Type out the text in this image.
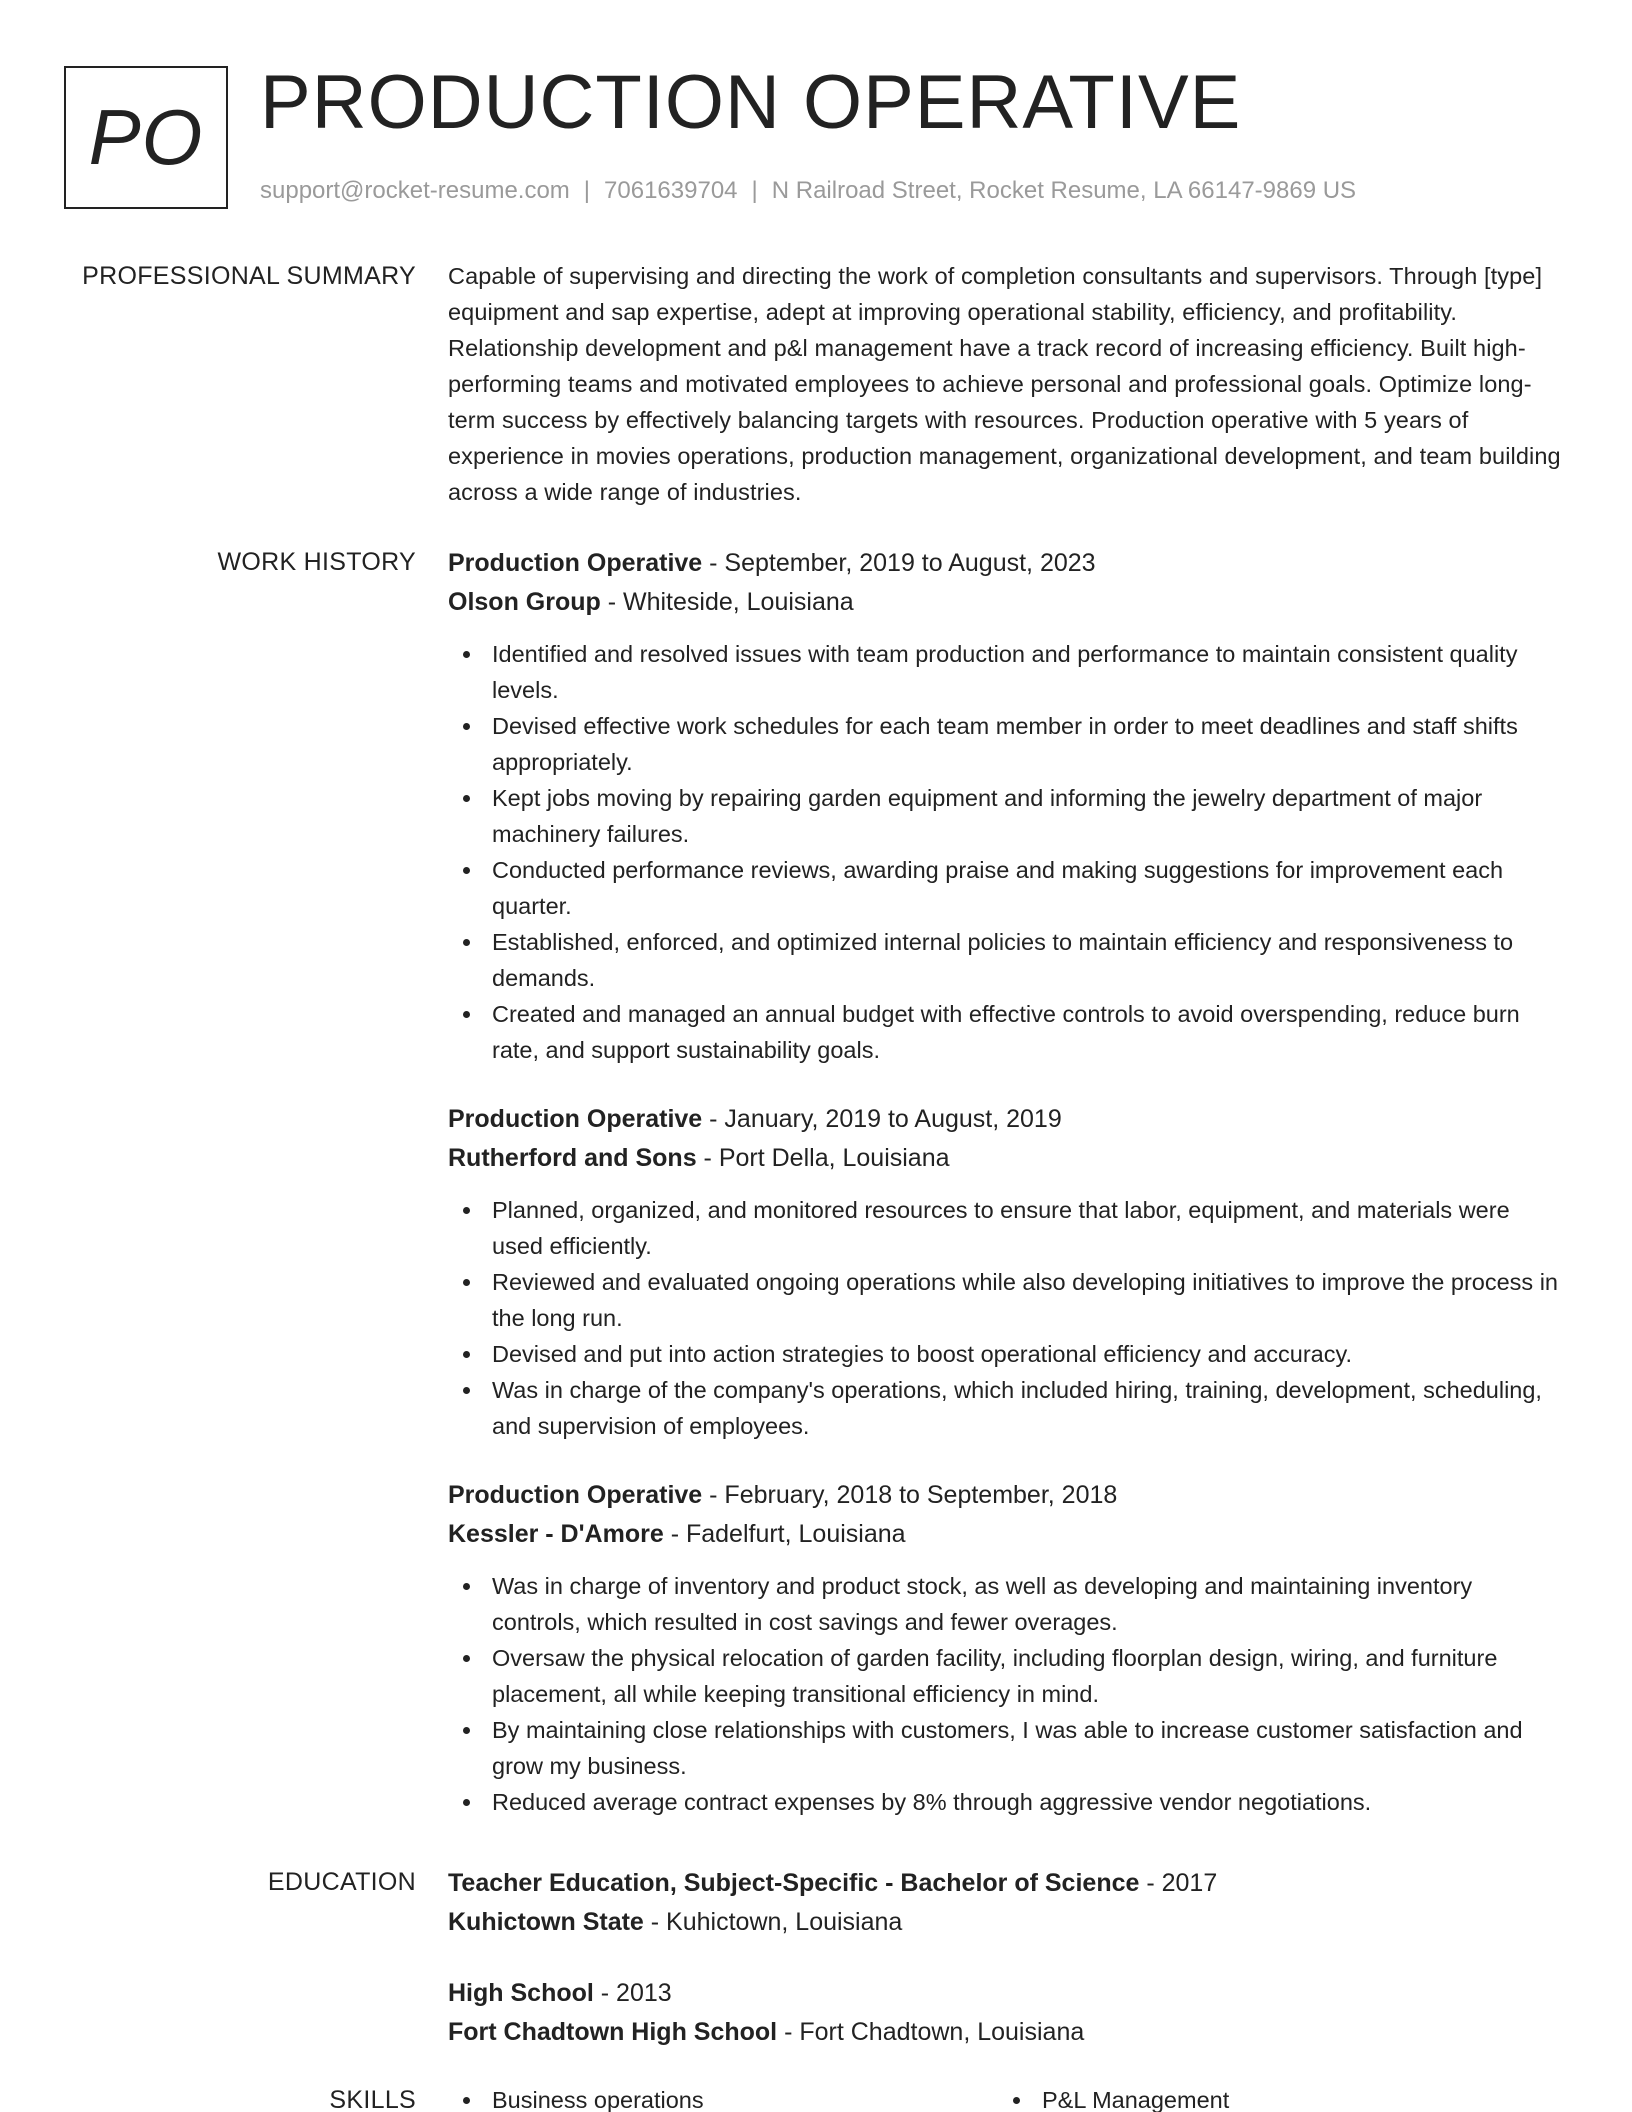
PO PRODUCTION OPERATIVE
support@rocket-resume.com | 7061639704 | N Railroad Street, Rocket Resume, LA 66147-9869 US
PROFESSIONAL SUMMARY Capable of supervising and directing the work of completion consultants and supervisors. Through [type] equipment and sap expertise, adept at improving operational stability, efficiency, and profitability. Relationship development and p&l management have a track record of increasing efficiency. Built high-performing teams and motivated employees to achieve personal and professional goals. Optimize long-term success by effectively balancing targets with resources. Production operative with 5 years of experience in movies operations, production management, organizational development, and team building across a wide range of industries.
WORK HISTORY Production Operative - September, 2019 to August, 2023
Olson Group - Whiteside, Louisiana
Identified and resolved issues with team production and performance to maintain consistent quality levels.
Devised effective work schedules for each team member in order to meet deadlines and staff shifts appropriately.
Kept jobs moving by repairing garden equipment and informing the jewelry department of major machinery failures.
Conducted performance reviews, awarding praise and making suggestions for improvement each quarter.
Established, enforced, and optimized internal policies to maintain efficiency and responsiveness to demands.
Created and managed an annual budget with effective controls to avoid overspending, reduce burn rate, and support sustainability goals.
Production Operative - January, 2019 to August, 2019
Rutherford and Sons - Port Della, Louisiana
Planned, organized, and monitored resources to ensure that labor, equipment, and materials were used efficiently.
Reviewed and evaluated ongoing operations while also developing initiatives to improve the process in the long run.
Devised and put into action strategies to boost operational efficiency and accuracy.
Was in charge of the company's operations, which included hiring, training, development, scheduling, and supervision of employees.
Production Operative - February, 2018 to September, 2018
Kessler - D'Amore - Fadelfurt, Louisiana
Was in charge of inventory and product stock, as well as developing and maintaining inventory controls, which resulted in cost savings and fewer overages.
Oversaw the physical relocation of garden facility, including floorplan design, wiring, and furniture placement, all while keeping transitional efficiency in mind.
By maintaining close relationships with customers, I was able to increase customer satisfaction and grow my business.
Reduced average contract expenses by 8% through aggressive vendor negotiations.
EDUCATION Teacher Education, Subject-Specific - Bachelor of Science - 2017
Kuhictown State - Kuhictown, Louisiana
High School - 2013
Fort Chadtown High School - Fort Chadtown, Louisiana
SKILLS	Business operations	P&L Management
